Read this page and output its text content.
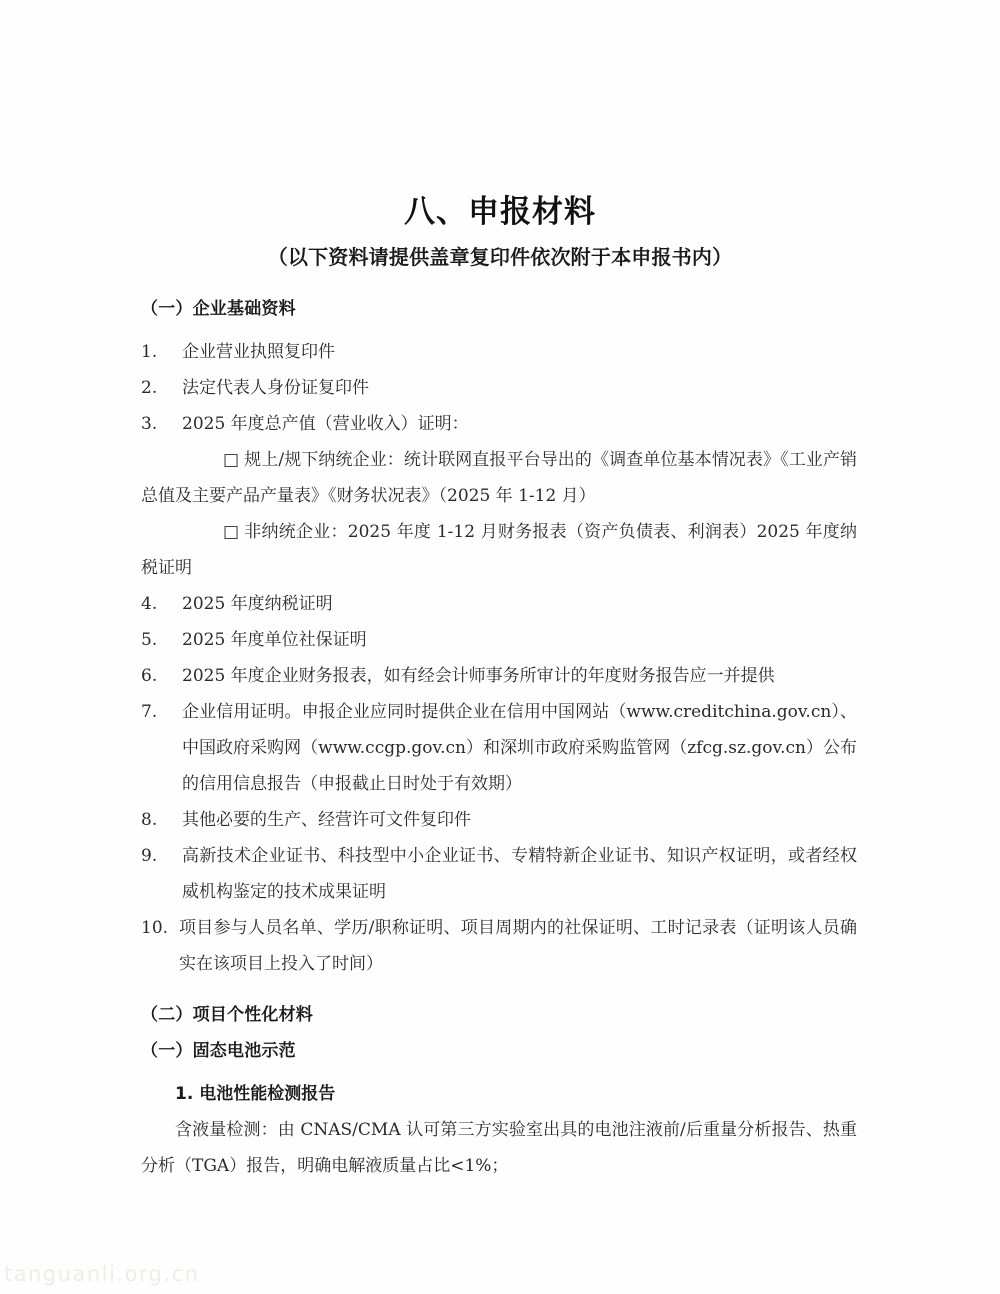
八、申报材料
（以下资料请提供盖章复印件依次附于本申报书内）
（一）企业基础资料
1.	企业营业执照复印件
2.	法定代表人身份证复印件
3.	2025 年度总产值（营业收入）证明：
□ 规上/规下纳统企业：统计联网直报平台导出的《调查单位基本情况表》《工业产销总值及主要产品产量表》《财务状况表》（2025 年 1-12 月）
□ 非纳统企业：2025 年度 1-12 月财务报表（资产负债表、利润表）2025 年度纳税证明
4.	2025 年度纳税证明
5.	2025 年度单位社保证明
6.	2025 年度企业财务报表，如有经会计师事务所审计的年度财务报告应一并提供
7.	企业信用证明。申报企业应同时提供企业在信用中国网站（www.creditchina.gov.cn）、中国政府采购网（www.ccgp.gov.cn）和深圳市政府采购监管网（zfcg.sz.gov.cn）公布的信用信息报告（申报截止日时处于有效期）
8.	其他必要的生产、经营许可文件复印件
9.	高新技术企业证书、科技型中小企业证书、专精特新企业证书、知识产权证明，或者经权威机构鉴定的技术成果证明
10. 项目参与人员名单、学历/职称证明、项目周期内的社保证明、工时记录表（证明该人员确实在该项目上投入了时间）
（二）项目个性化材料
（一）固态电池示范
1. 电池性能检测报告
含液量检测：由 CNAS/CMA 认可第三方实验室出具的电池注液前/后重量分析报告、热重分析（TGA）报告，明确电解液质量占比<1%；
tanguanli.org.cn
